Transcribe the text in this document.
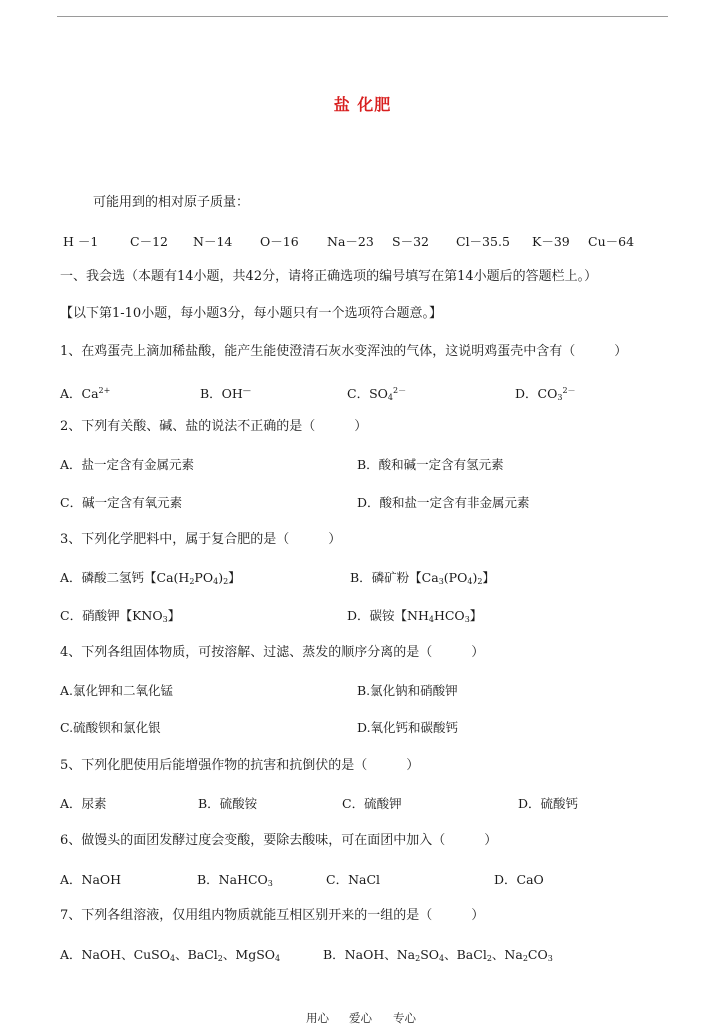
盐 化肥
可能用到的相对原子质量：
H －1	C－12 N－14 O－16 Na－23 S－32 Cl－35.5 K－39 Cu－64
一、我会选（本题有14小题，共42分，请将正确选项的编号填写在第14小题后的答题栏上。）
【以下第1-10小题，每小题3分，每小题只有一个选项符合题意。】
1、在鸡蛋壳上滴加稀盐酸，能产生能使澄清石灰水变浑浊的气体，这说明鸡蛋壳中含有（　　　）
A．$Ca^{2+}$	B．OH—	C．$SO_4^{2-}$	D．$CO_3^{2-}$
2、下列有关酸、碱、盐的说法不正确的是（　　　）
A．盐一定含有金属元素	B．酸和碱一定含有氢元素
C．碱一定含有氧元素	D．酸和盐一定含有非金属元素
3、下列化学肥料中，属于复合肥的是（　　　）
A．磷酸二氢钙【$Ca(H_2PO_4)_2$】	B．磷矿粉【$Ca_3(PO_4)_2$】
C．硝酸钾【$KNO_3$】	D．碳铵【$NH_4HCO_3$】
4、下列各组固体物质，可按溶解、过滤、蒸发的顺序分离的是（　　　）
A.氯化钾和二氧化锰	B.氯化钠和硝酸钾
C.硫酸钡和氯化银	D.氧化钙和碳酸钙
5、下列化肥使用后能增强作物的抗害和抗倒伏的是（　　　）
A．尿素	B．硫酸铵	C．硫酸钾	D．硫酸钙
6、做馒头的面团发酵过度会变酸，要除去酸味，可在面团中加入（　　　）
A．NaOH	B．NaHCO$_3$	C．NaCl	D．CaO
7、下列各组溶液，仅用组内物质就能互相区别开来的一组的是（　　　）
A．NaOH、CuSO$_4$、BaCl$_2$、MgSO$_4$	B．NaOH、$Na_2SO_4$、BaCl$_2$、$Na_2CO_3$
用心 爱心 专心
